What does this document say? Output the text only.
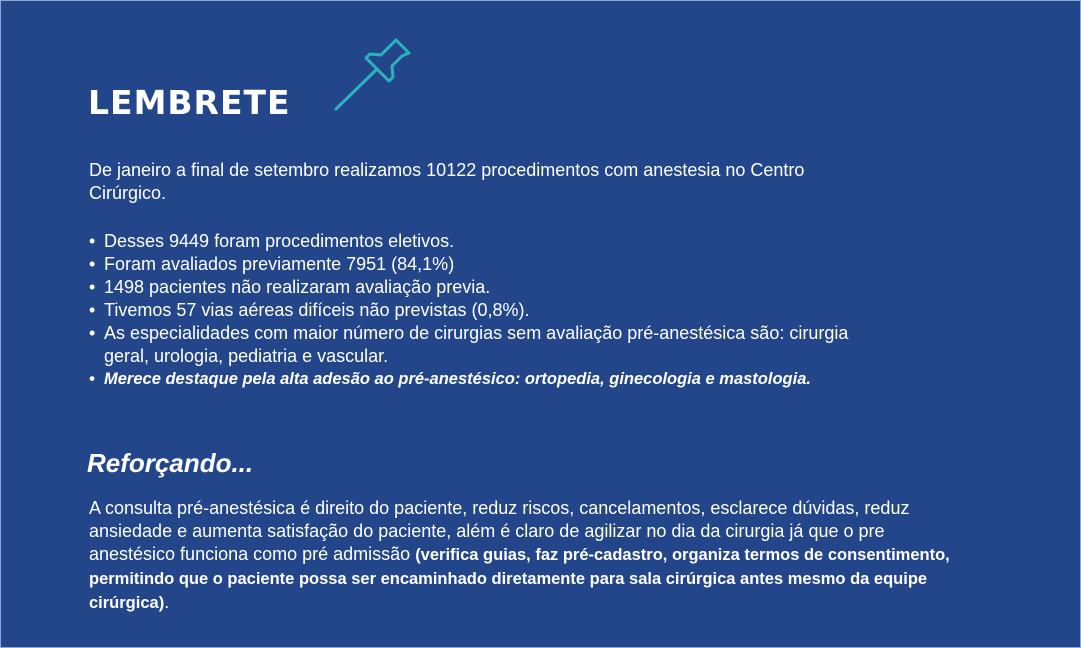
LEMBRETE

De janeiro a final de setembro realizamos 10122 procedimentos com anestesia no Centro Cirúrgico.

• Desses 9449 foram procedimentos eletivos.
• Foram avaliados previamente 7951 (84,1%)
• 1498 pacientes não realizaram avaliação previa.
• Tivemos 57 vias aéreas difíceis não previstas (0,8%).
• As especialidades com maior número de cirurgias sem avaliação pré-anestésica são: cirurgia geral, urologia, pediatria e vascular.
• Merece destaque pela alta adesão ao pré-anestésico: ortopedia, ginecologia e mastologia.
Reforçando...

A consulta pré-anestésica é direito do paciente, reduz riscos, cancelamentos, esclarece dúvidas, reduz ansiedade e aumenta satisfação do paciente, além é claro de agilizar no dia da cirurgia já que o pre anestésico funciona como pré admissão (verifica guias, faz pré-cadastro, organiza termos de consentimento, permitindo que o paciente possa ser encaminhado diretamente para sala cirúrgica antes mesmo da equipe cirúrgica).
